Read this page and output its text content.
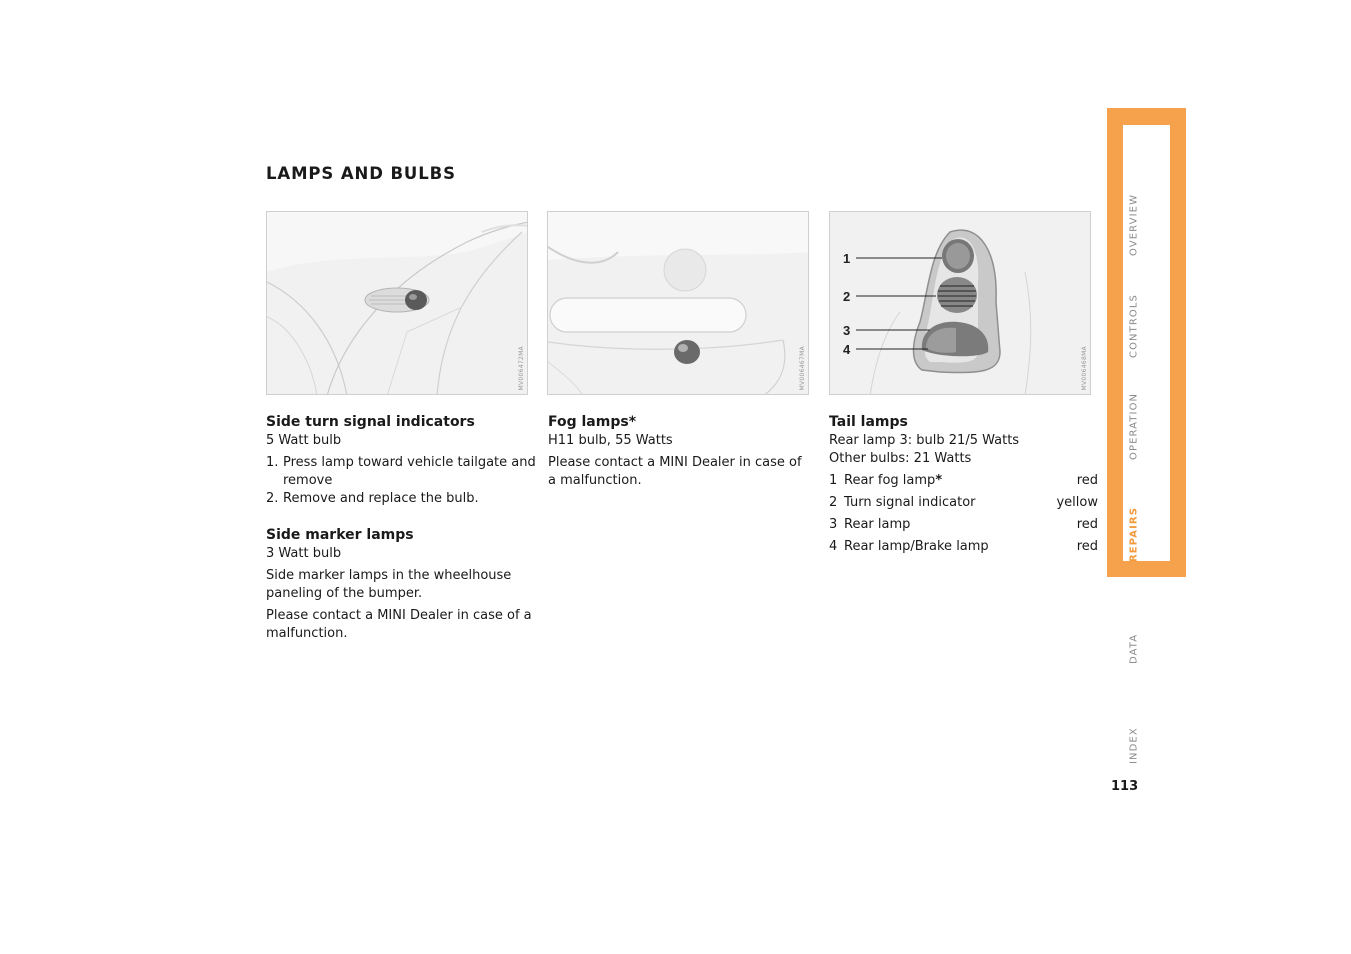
LAMPS AND BULBS
MV006472MA	MV006467MA
1
2
3
4	MV006468MA
Side turn signal indicators

5 Watt bulb

1. Press lamp toward vehicle tailgate and remove
2. Remove and replace the bulb.
Side marker lamps

3 Watt bulb

Side marker lamps in the wheelhouse paneling of the bumper.

Please contact a MINI Dealer in case of a malfunction.

Fog lamps*

H11 bulb, 55 Watts

Please contact a MINI Dealer in case of a malfunction.

Tail lamps

Rear lamp 3: bulb 21/5 Watts

Other bulbs: 21 Watts

1 Rear fog lamp *	red
2 Turn signal indicator	yellow
3 Rear lamp	red
4 Rear lamp/Brake lamp	red
OVERVIEW
CONTROLS
OPERATION
REPAIRS
DATA
INDEX
113
